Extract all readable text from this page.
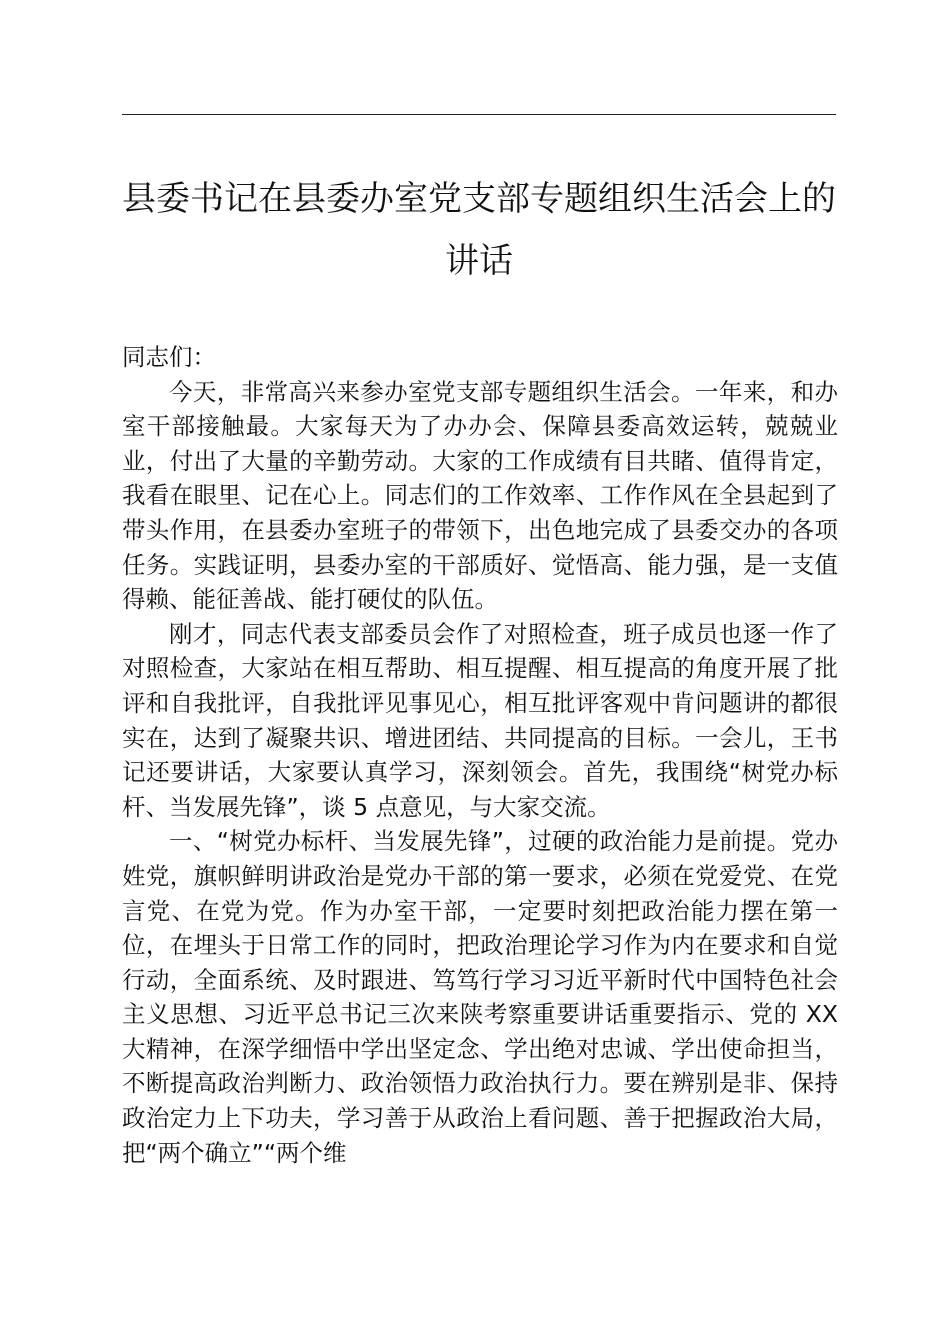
县委书记在县委办室党支部专题组织生活会上的讲话

同志们：

今天，非常高兴来参办室党支部专题组织生活会。一年来，和办室干部接触最。大家每天为了办办会、保障县委高效运转，兢兢业业，付出了大量的辛勤劳动。大家的工作成绩有目共睹、值得肯定，我看在眼里、记在心上。同志们的工作效率、工作作风在全县起到了带头作用，在县委办室班子的带领下，出色地完成了县委交办的各项任务。实践证明，县委办室的干部质好、觉悟高、能力强，是一支值得赖、能征善战、能打硬仗的队伍。

刚才，同志代表支部委员会作了对照检查，班子成员也逐一作了对照检查，大家站在相互帮助、相互提醒、相互提高的角度开展了批评和自我批评，自我批评见事见心，相互批评客观中肯问题讲的都很实在，达到了凝聚共识、增进团结、共同提高的目标。一会儿，王书记还要讲话，大家要认真学习，深刻领会。首先，我围绕“树党办标杆、当发展先锋”，谈 5 点意见，与大家交流。

一、“树党办标杆、当发展先锋”，过硬的政治能力是前提。党办姓党，旗帜鲜明讲政治是党办干部的第一要求，必须在党爱党、在党言党、在党为党。作为办室干部，一定要时刻把政治能力摆在第一位，在埋头于日常工作的同时，把政治理论学习作为内在要求和自觉行动，全面系统、及时跟进、笃笃行学习习近平新时代中国特色社会主义思想、习近平总书记三次来陕考察重要讲话重要指示、党的 XX 大精神，在深学细悟中学出坚定念、学出绝对忠诚、学出使命担当，不断提高政治判断力、政治领悟力政治执行力。要在辨别是非、保持政治定力上下功夫，学习善于从政治上看问题、善于把握政治大局，把“两个确立”“两个维
